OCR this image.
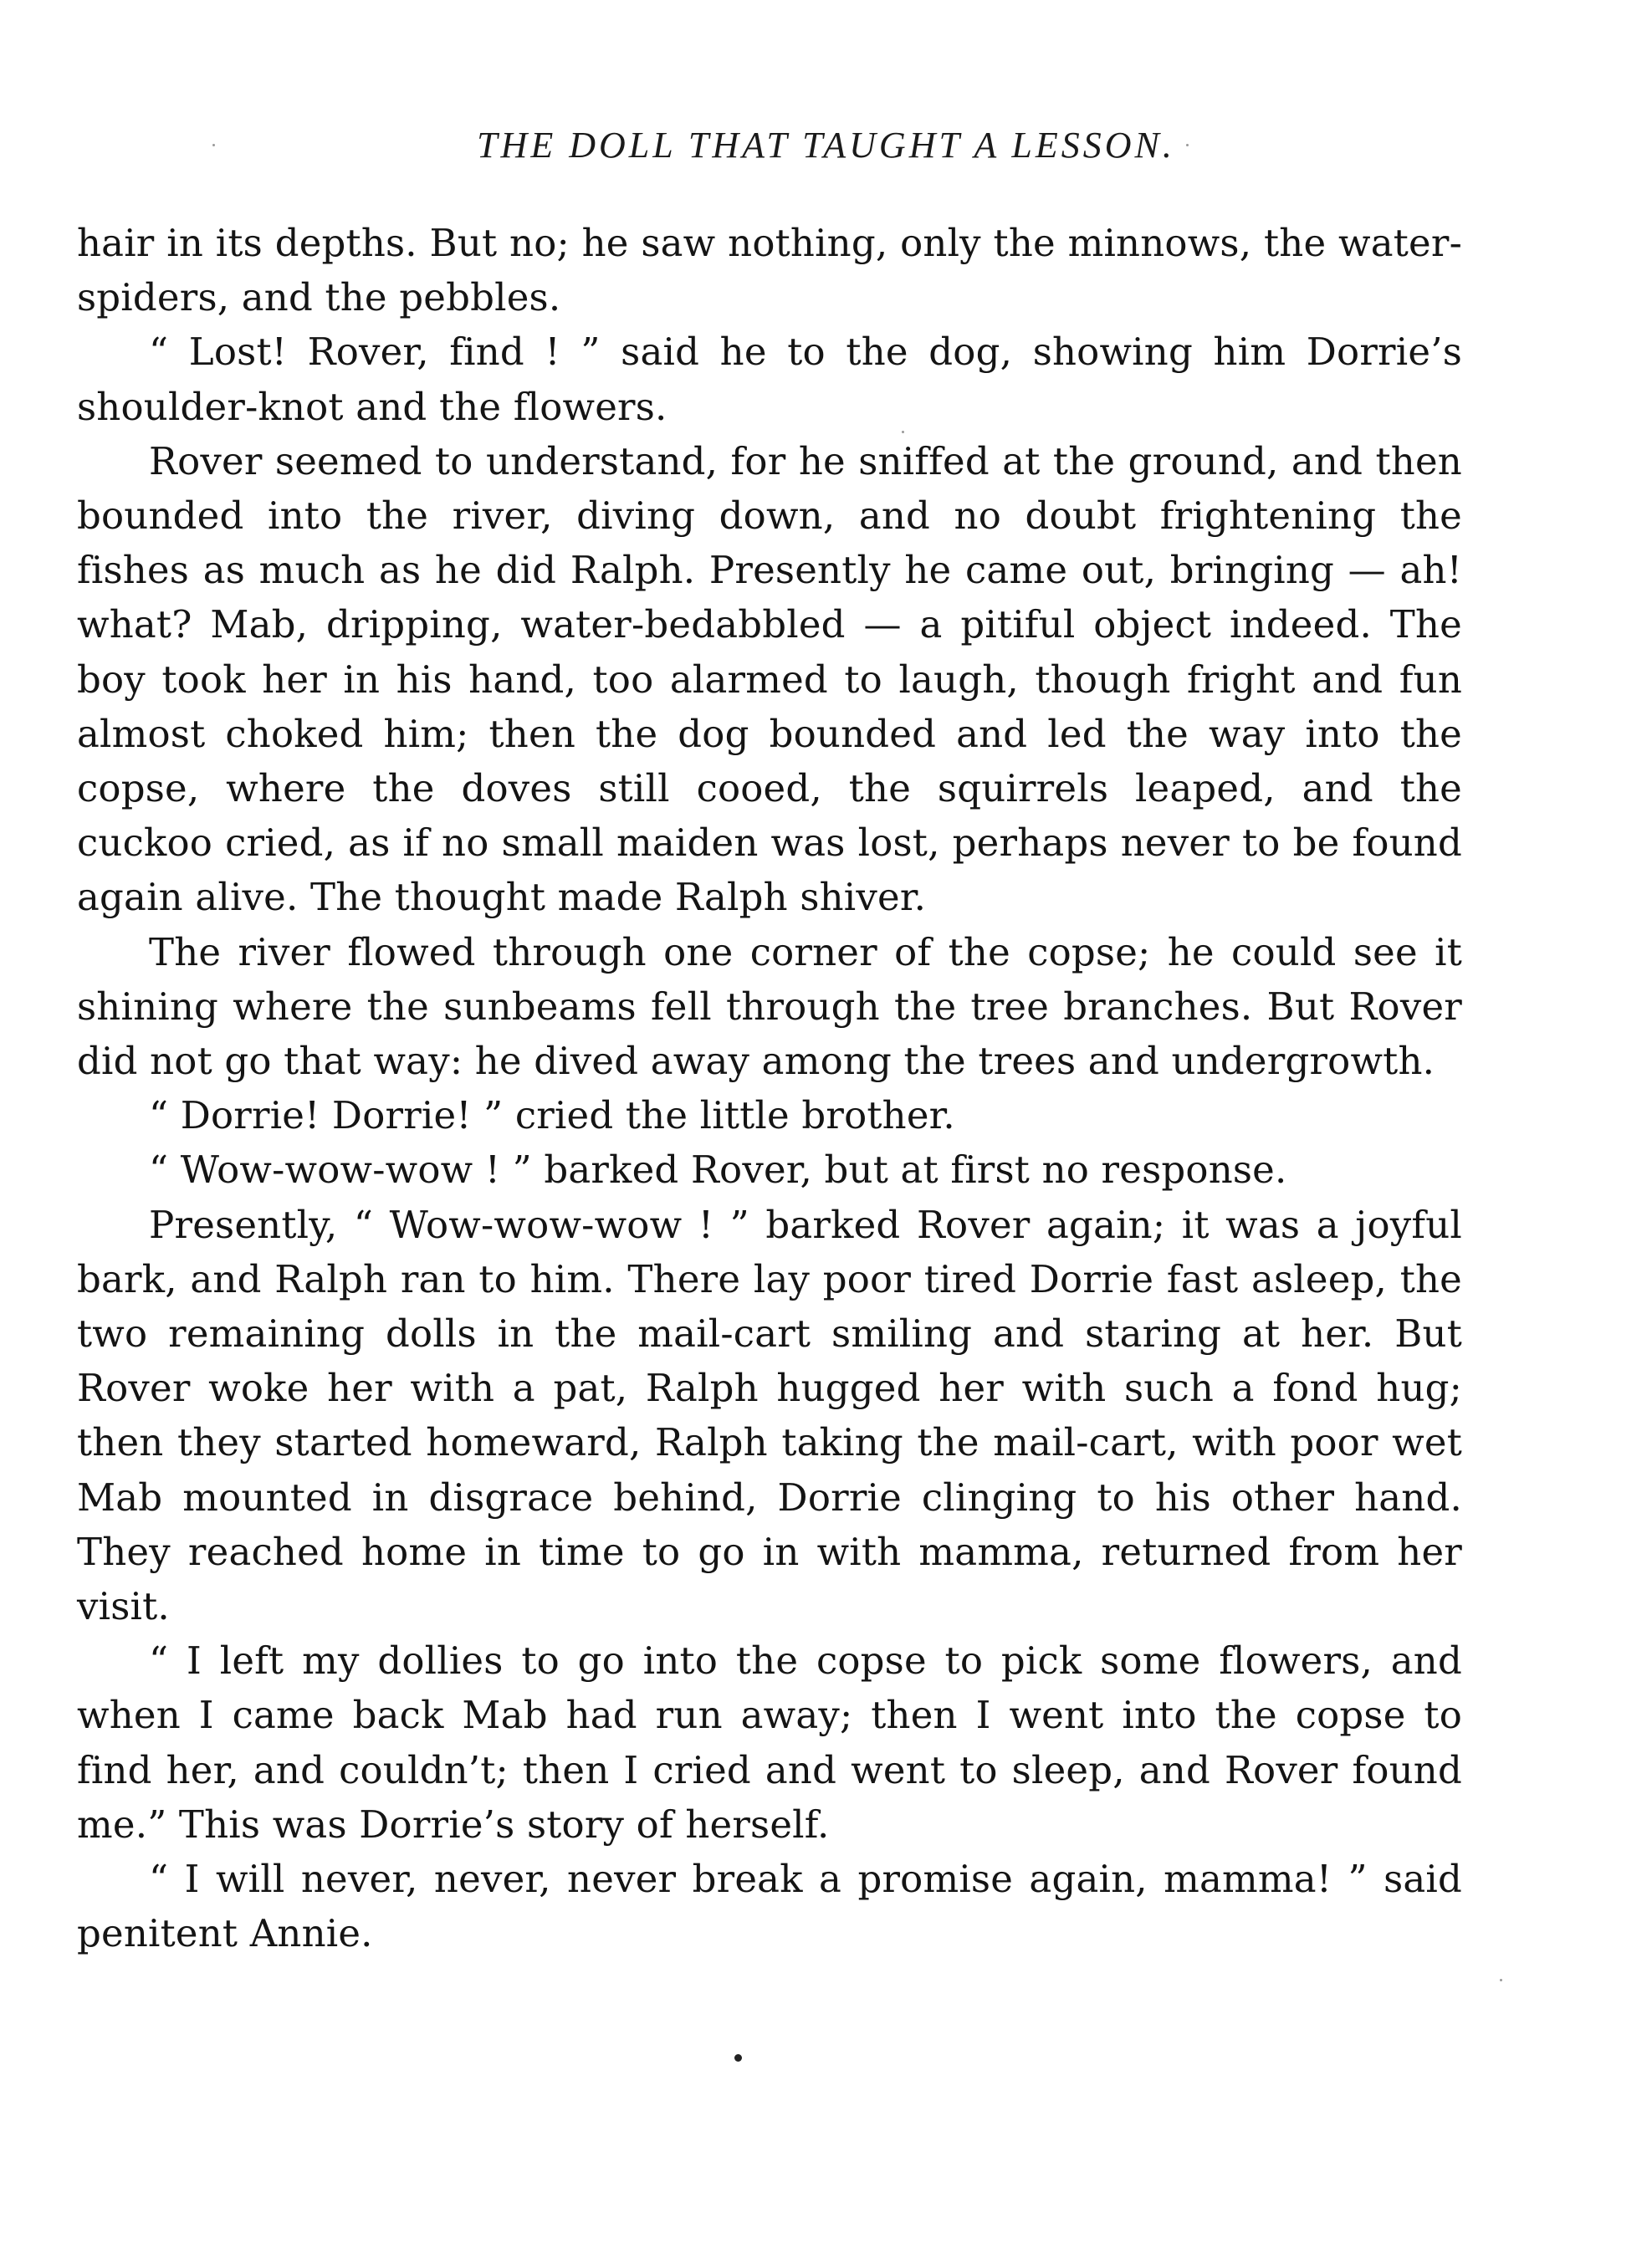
THE DOLL THAT TAUGHT A LESSON.

hair in its depths. But no; he saw nothing, only the minnows, the water-spiders, and the pebbles.

“ Lost! Rover, find ! ” said he to the dog, showing him Dorrie’s shoulder-knot and the flowers.

Rover seemed to understand, for he sniffed at the ground, and then bounded into the river, diving down, and no doubt frightening the fishes as much as he did Ralph. Presently he came out, bringing — ah! what? Mab, dripping, water-bedabbled — a pitiful object indeed. The boy took her in his hand, too alarmed to laugh, though fright and fun almost choked him; then the dog bounded and led the way into the copse, where the doves still cooed, the squirrels leaped, and the cuckoo cried, as if no small maiden was lost, perhaps never to be found again alive. The thought made Ralph shiver.

The river flowed through one corner of the copse; he could see it shining where the sunbeams fell through the tree branches. But Rover did not go that way: he dived away among the trees and undergrowth.

“ Dorrie! Dorrie! ” cried the little brother.

“ Wow-wow-wow ! ” barked Rover, but at first no response.

Presently, “ Wow-wow-wow ! ” barked Rover again; it was a joyful bark, and Ralph ran to him. There lay poor tired Dorrie fast asleep, the two remaining dolls in the mail-cart smiling and staring at her. But Rover woke her with a pat, Ralph hugged her with such a fond hug; then they started homeward, Ralph taking the mail-cart, with poor wet Mab mounted in disgrace behind, Dorrie clinging to his other hand. They reached home in time to go in with mamma, returned from her visit.

“ I left my dollies to go into the copse to pick some flowers, and when I came back Mab had run away; then I went into the copse to find her, and couldn’t; then I cried and went to sleep, and Rover found me.” This was Dorrie’s story of herself.

“ I will never, never, never break a promise again, mamma! ” said penitent Annie.
